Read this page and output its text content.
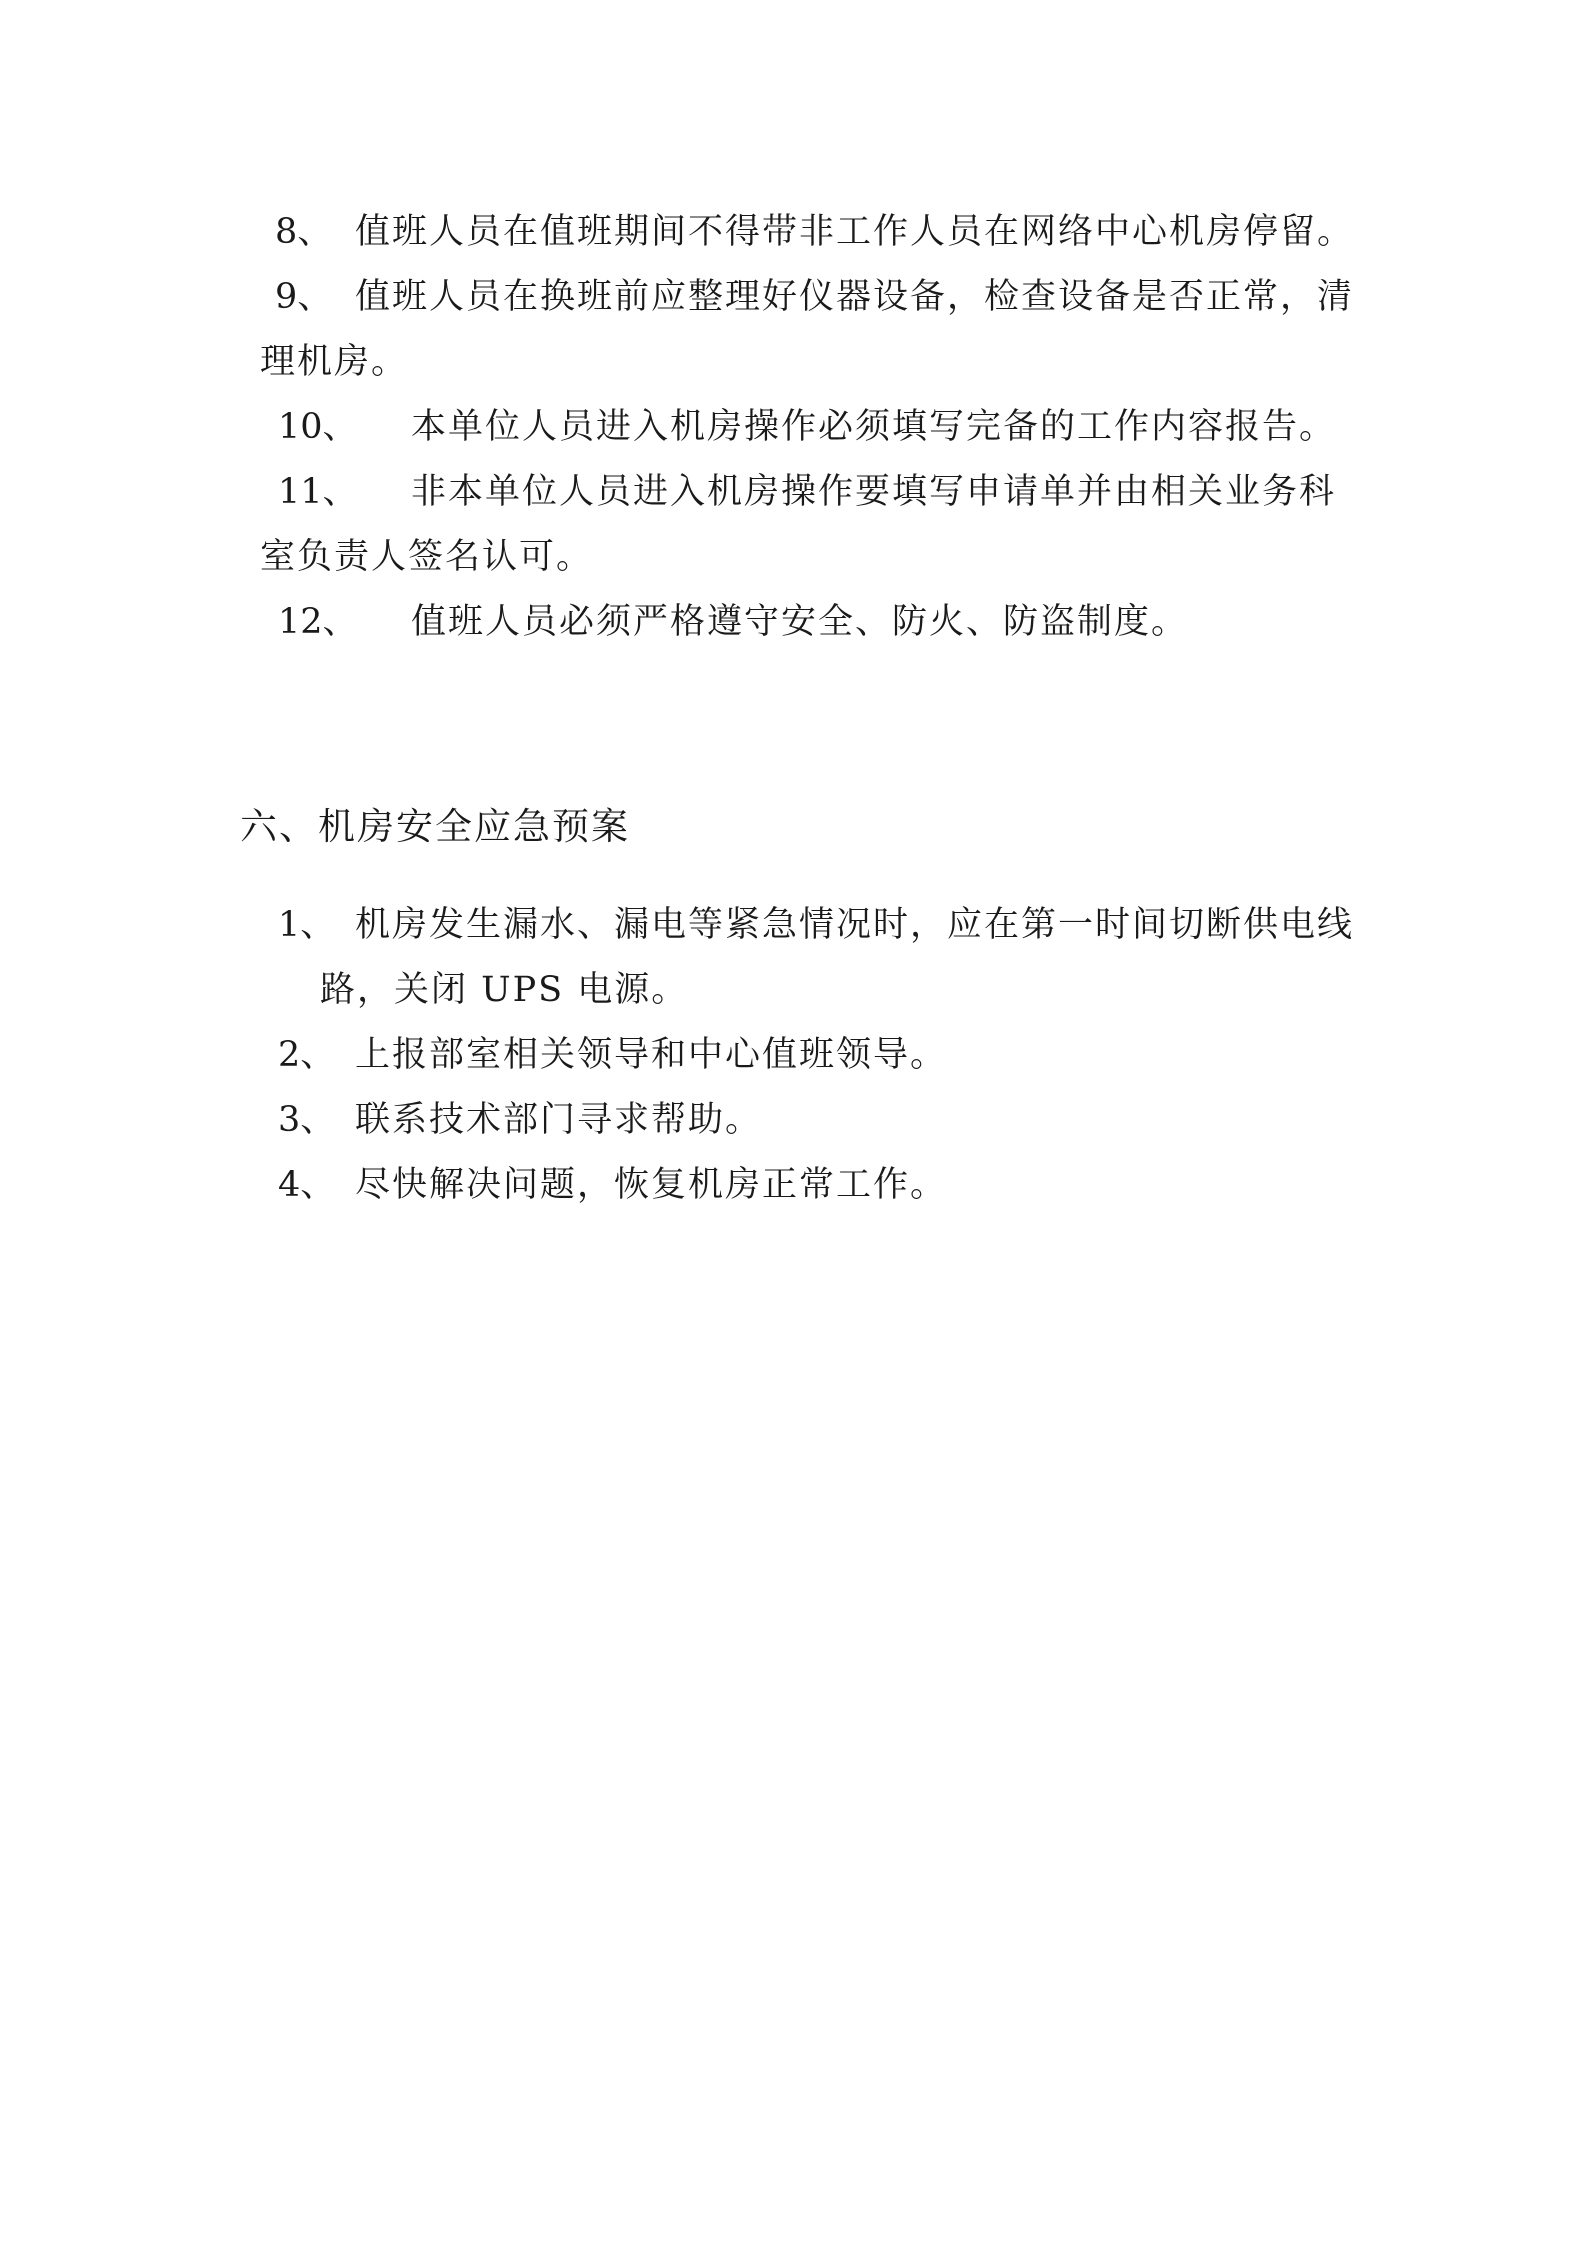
8、 值班人员在值班期间不得带非工作人员在网络中心机房停留。
9、 值班人员在换班前应整理好仪器设备，检查设备是否正常，清
理机房。
10、 本单位人员进入机房操作必须填写完备的工作内容报告。
11、 非本单位人员进入机房操作要填写申请单并由相关业务科
室负责人签名认可。
12、 值班人员必须严格遵守安全、防火、防盗制度。
六、机房安全应急预案
1、 机房发生漏水、漏电等紧急情况时，应在第一时间切断供电线
路，关闭 UPS 电源。
2、 上报部室相关领导和中心值班领导。
3、 联系技术部门寻求帮助。
4、 尽快解决问题，恢复机房正常工作。
